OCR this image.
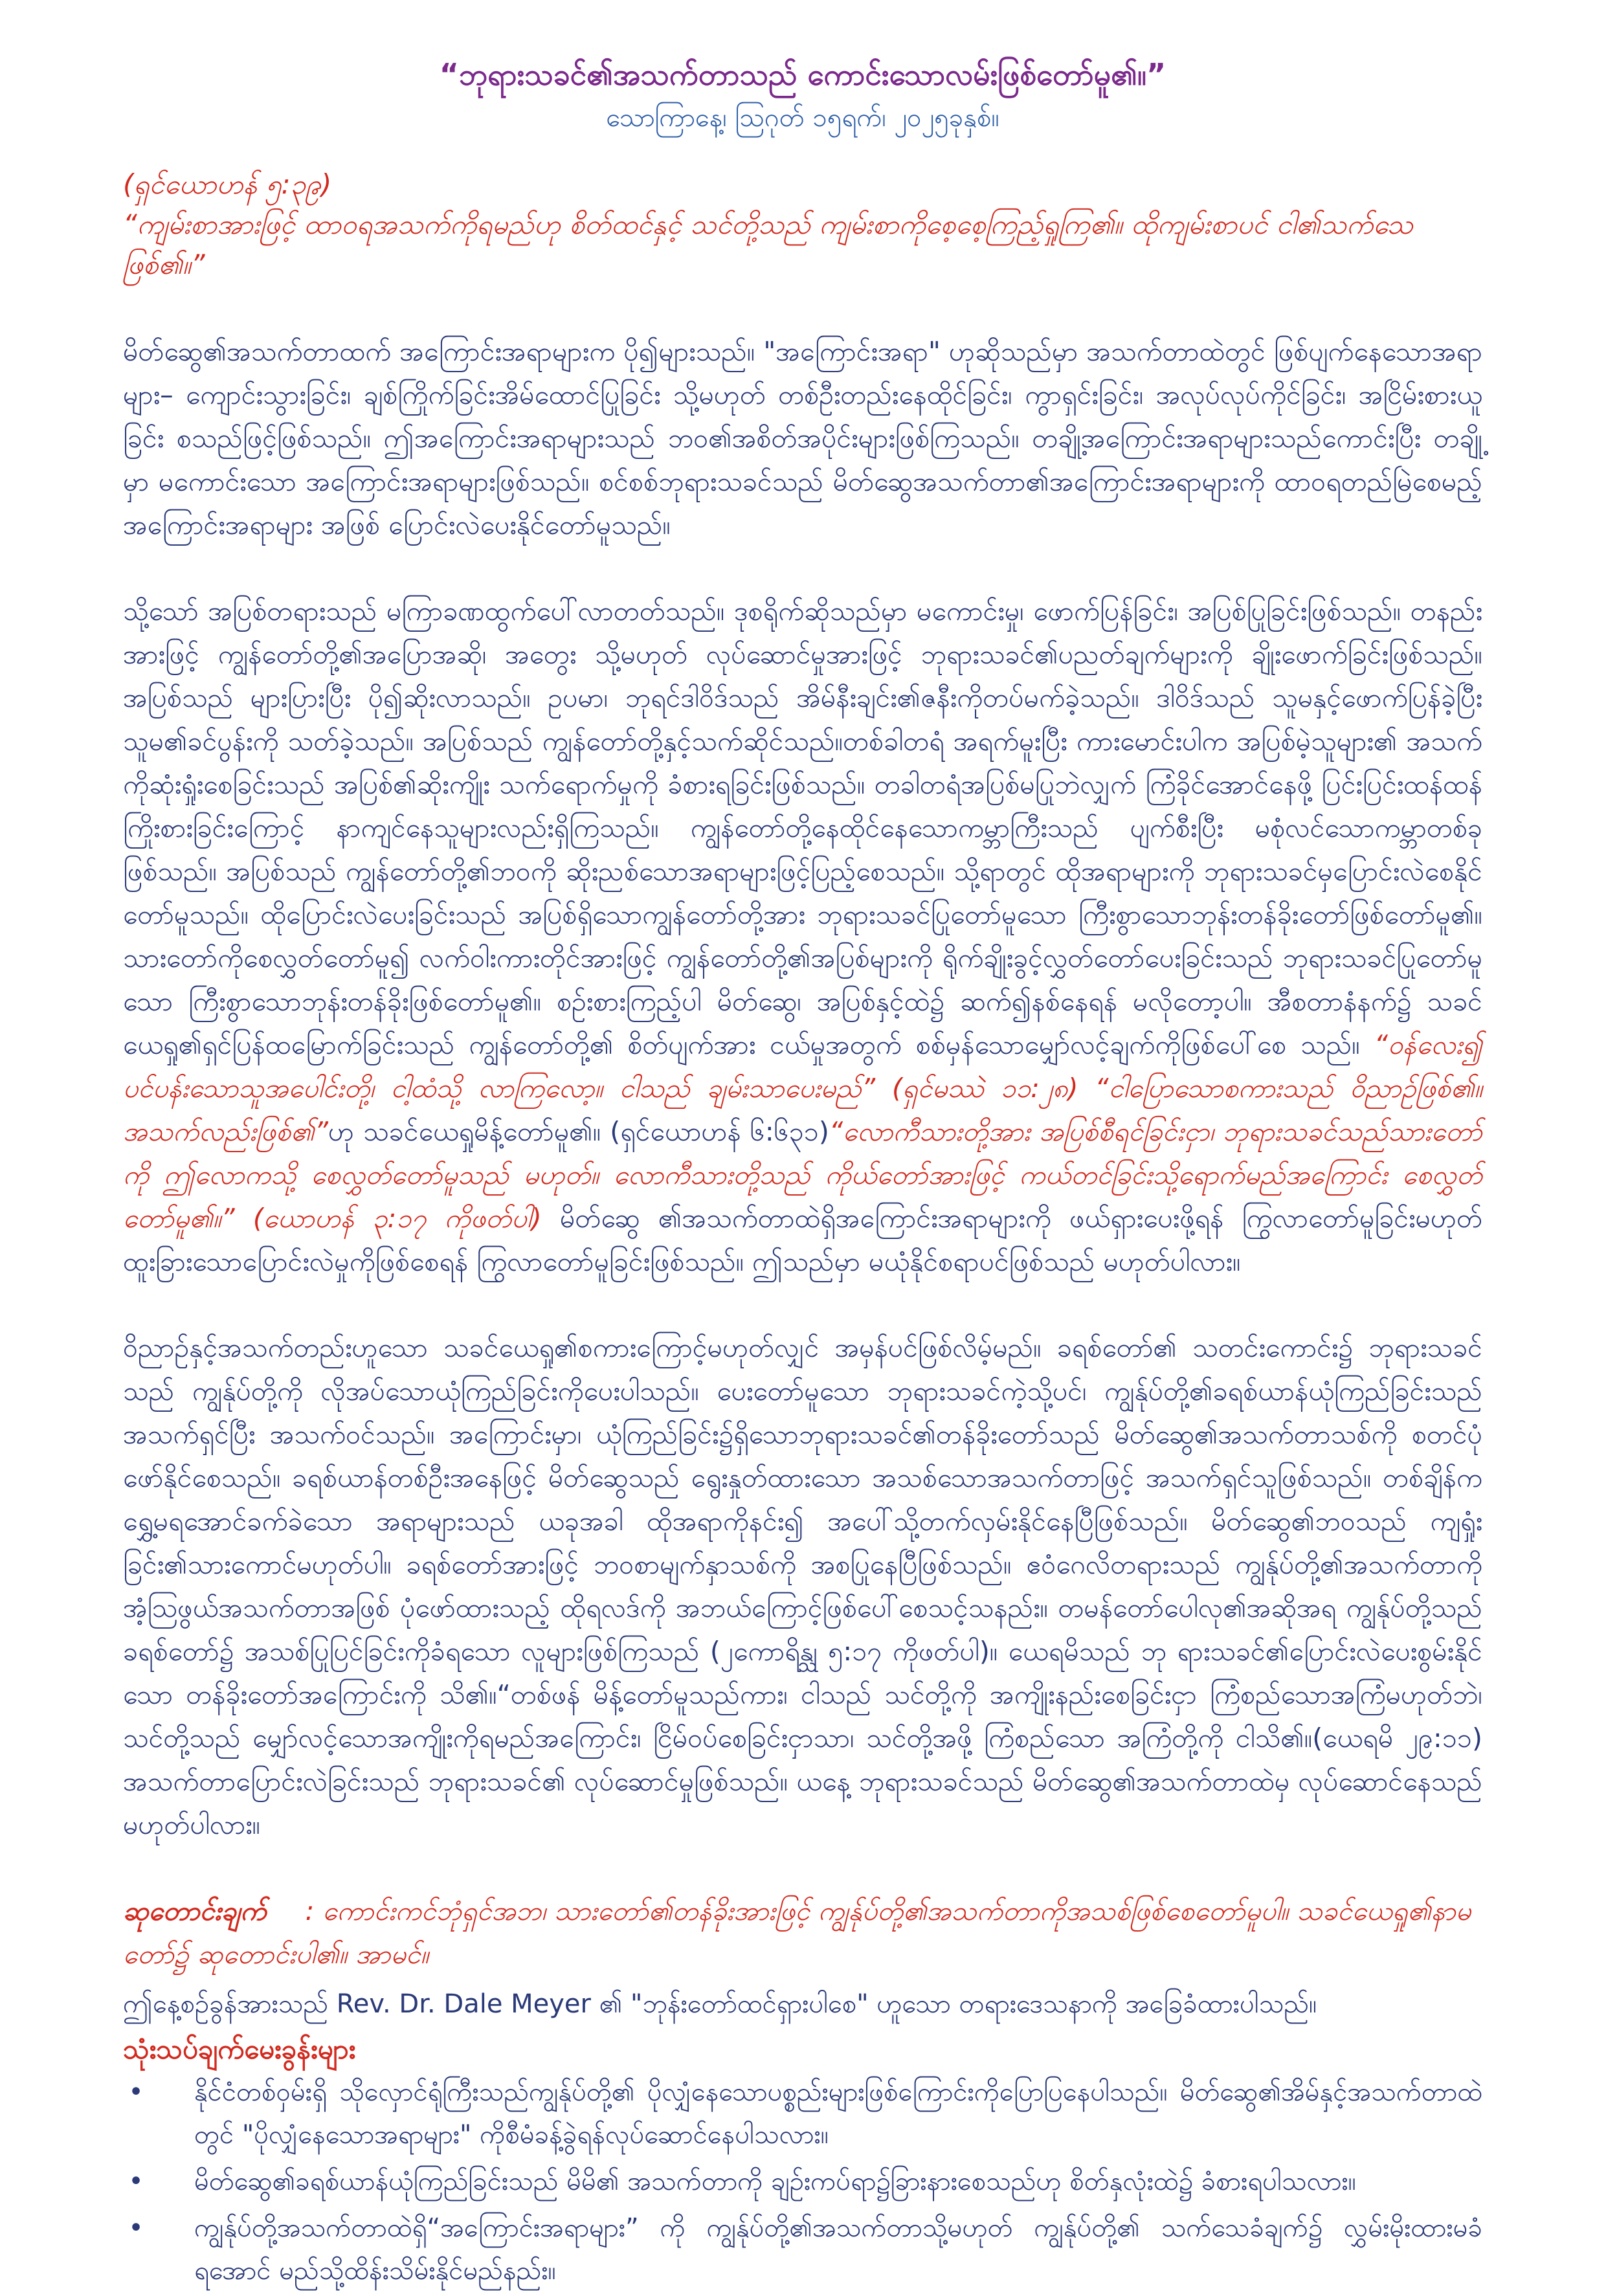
“ဘုရားသခင်၏အသက်တာသည် ကောင်းသောလမ်းဖြစ်တော်မူ၏။”
သောကြာနေ့၊ ဩဂုတ် ၁၅ရက်၊ ၂၀၂၅ခုနှစ်။
(ရှင်ယောဟန် ၅:၃၉)
“ကျမ်းစာအားဖြင့် ထာဝရအသက်ကိုရမည်ဟု စိတ်ထင်နှင့် သင်တို့သည် ကျမ်းစာကိုစေ့စေ့ကြည့်ရှုကြ၏။ ထိုကျမ်းစာပင် ငါ၏သက်သေဖြစ်၏။”

မိတ်ဆွေ၏အသက်တာထက် အကြောင်းအရာများက ပို၍များသည်။ "အကြောင်းအရာ" ဟုဆိုသည်မှာ အသက်တာထဲတွင် ဖြစ်ပျက်နေသောအရာများ– ကျောင်းသွားခြင်း၊ ချစ်ကြိုက်ခြင်းအိမ်ထောင်ပြုခြင်း သို့မဟုတ် တစ်ဦးတည်းနေထိုင်ခြင်း၊ ကွာရှင်းခြင်း၊ အလုပ်လုပ်ကိုင်ခြင်း၊ အငြိမ်းစားယူခြင်း စသည်ဖြင့်ဖြစ်သည်။ ဤအကြောင်းအရာများသည် ဘဝ၏အစိတ်အပိုင်းများဖြစ်ကြသည်။ တချို့အကြောင်းအရာများသည်ကောင်းပြီး တချို့မှာ မကောင်းသော အကြောင်းအရာများဖြစ်သည်။ စင်စစ်ဘုရားသခင်သည် မိတ်ဆွေအသက်တာ၏အကြောင်းအရာများကို ထာဝရတည်မြဲစေမည့် အကြောင်းအရာများ အဖြစ် ပြောင်းလဲပေးနိုင်တော်မူသည်။

သို့သော် အပြစ်တရားသည် မကြာခဏထွက်ပေါ်လာတတ်သည်။ ဒုစရိုက်ဆိုသည်မှာ မကောင်းမှု၊ ဖောက်ပြန်ခြင်း၊ အပြစ်ပြုခြင်းဖြစ်သည်။ တနည်းအားဖြင့် ကျွန်တော်တို့၏အပြောအဆို၊ အတွေး သို့မဟုတ် လုပ်ဆောင်မှုအားဖြင့် ဘုရားသခင်၏ပညတ်ချက်များကို ချိုးဖောက်ခြင်းဖြစ်သည်။ အပြစ်သည် များပြားပြီး ပို၍ဆိုးလာသည်။ ဥပမာ၊ ဘုရင်ဒါဝိဒ်သည် အိမ်နီးချင်း၏ဇနီးကိုတပ်မက်ခဲ့သည်။ ဒါဝိဒ်သည် သူမနှင့်ဖောက်ပြန်ခဲ့ပြီး သူမ၏ခင်ပွန်းကို သတ်ခဲ့သည်။ အပြစ်သည် ကျွန်တော်တို့နှင့်သက်ဆိုင်သည်။တစ်ခါတရံ အရက်မူးပြီး ကားမောင်းပါက အပြစ်မဲ့သူများ၏ အသက်ကိုဆုံးရှုံးစေခြင်းသည် အပြစ်၏ဆိုးကျိုး သက်ရောက်မှုကို ခံစားရခြင်းဖြစ်သည်။ တခါတရံအပြစ်မပြုဘဲလျှက် ကြံခိုင်အောင်နေဖို့ ပြင်းပြင်းထန်ထန်ကြိုးစားခြင်းကြောင့် နာကျင်နေသူများလည်းရှိကြသည်။ ကျွန်တော်တို့နေထိုင်နေသောကမ္ဘာကြီးသည် ပျက်စီးပြီး မစုံလင်သောကမ္ဘာတစ်ခုဖြစ်သည်။ အပြစ်သည် ကျွန်တော်တို့၏ဘဝကို ဆိုးညစ်သောအရာများဖြင့်ပြည့်စေသည်။ သို့ရာတွင် ထိုအရာများကို ဘုရားသခင်မှပြောင်းလဲစေနိုင်တော်မူသည်။ ထိုပြောင်းလဲပေးခြင်းသည် အပြစ်ရှိသောကျွန်တော်တို့အား ဘုရားသခင်ပြုတော်မူသော ကြီးစွာသောဘုန်းတန်ခိုးတော်ဖြစ်တော်မူ၏။ သားတော်ကိုစေလွှတ်တော်မူ၍ လက်ဝါးကားတိုင်အားဖြင့် ကျွန်တော်တို့၏အပြစ်များကို ရိုက်ချိုးခွင့်လွှတ်တော်ပေးခြင်းသည် ဘုရားသခင်ပြုတော်မူသော ကြီးစွာသောဘုန်းတန်ခိုးဖြစ်တော်မူ၏။ စဉ်းစားကြည့်ပါ မိတ်ဆွေ၊ အပြစ်နှင့်ထဲ၌ ဆက်၍နစ်နေရန် မလိုတော့ပါ။ အီစတာနံနက်၌ သခင်ယေရှု၏ရှင်ပြန်ထမြောက်ခြင်းသည် ကျွန်တော်တို့၏ စိတ်ပျက်အား ငယ်မှုအတွက် စစ်မှန်သောမျှော်လင့်ချက်ကိုဖြစ်ပေါ်စေ သည်။ “ဝန်လေး၍ ပင်ပန်းသောသူအပေါင်းတို့၊ ငါ့ထံသို့ လာကြလော့။ ငါသည် ချမ်းသာပေးမည်” (ရှင်မဿဲ ၁၁:၂၈) “ငါပြောသောစကားသည် ဝိညာဉ်ဖြစ်၏။ အသက်လည်းဖြစ်၏”ဟု သခင်ယေရှုမိန့်တော်မူ၏။ (ရှင်ယောဟန် ၆:၆၃၁)“လောကီသားတို့အား အပြစ်စီရင်ခြင်းငှာ၊ ဘုရားသခင်သည်သားတော်ကို ဤလောကသို့ စေလွှတ်တော်မူသည် မဟုတ်။ လောကီသားတို့သည် ကိုယ်တော်အားဖြင့် ကယ်တင်ခြင်းသို့ရောက်မည်အကြောင်း စေလွှတ်တော်မူ၏။” (ယောဟန် ၃:၁၇ ကိုဖတ်ပါ) မိတ်ဆွေ ၏အသက်တာထဲရှိအကြောင်းအရာများကို ဖယ်ရှားပေးဖို့ရန် ကြွလာတော်မူခြင်းမဟုတ် ထူးခြားသောပြောင်းလဲမှုကိုဖြစ်စေရန် ကြွလာတော်မူခြင်းဖြစ်သည်။ ဤသည်မှာ မယုံနိုင်စရာပင်ဖြစ်သည် မဟုတ်ပါလား။

ဝိညာဉ်နှင့်အသက်တည်းဟူသော သခင်ယေရှု၏စကားကြောင့်မဟုတ်လျှင် အမှန်ပင်ဖြစ်လိမ့်မည်။ ခရစ်တော်၏ သတင်းကောင်း၌ ဘုရားသခင်သည် ကျွန်ုပ်တို့ကို လိုအပ်သောယုံကြည်ခြင်းကိုပေးပါသည်။ ပေးတော်မူသော ဘုရားသခင်ကဲ့သို့ပင်၊ ကျွန်ုပ်တို့၏ခရစ်ယာန်ယုံကြည်ခြင်းသည် အသက်ရှင်ပြီး အသက်ဝင်သည်။ အကြောင်းမှာ၊ ယုံကြည်ခြင်း၌ရှိသောဘုရားသခင်၏တန်ခိုးတော်သည် မိတ်ဆွေ၏အသက်တာသစ်ကို စတင်ပုံဖော်နိုင်စေသည်။ ခရစ်ယာန်တစ်ဦးအနေဖြင့် မိတ်ဆွေသည် ရွေးနှုတ်ထားသော အသစ်သောအသက်တာဖြင့် အသက်ရှင်သူဖြစ်သည်။ တစ်ချိန်က ရွှေ့မရအောင်ခက်ခဲသော အရာများသည် ယခုအခါ ထိုအရာကိုနင်း၍ အပေါ်သို့တက်လှမ်းနိုင်နေပြီဖြစ်သည်။ မိတ်ဆွေ၏ဘဝသည် ကျရှုံးခြင်း၏သားကောင်မဟုတ်ပါ။ ခရစ်တော်အားဖြင့် ဘဝစာမျက်နှာသစ်ကို အစပြုနေပြီဖြစ်သည်။ ဧဝံဂေလိတရားသည် ကျွန်ုပ်တို့၏အသက်တာကို အံ့ဩဖွယ်အသက်တာအဖြစ် ပုံဖော်ထားသည့် ထိုရလဒ်ကို အဘယ်ကြောင့်ဖြစ်ပေါ်စေသင့်သနည်း။ တမန်တော်ပေါလု၏အဆိုအရ ကျွန်ုပ်တို့သည် ခရစ်တော်၌ အသစ်ပြုပြင်ခြင်းကိုခံရသော လူများဖြစ်ကြသည် (၂ကောရိန္သု ၅:၁၇ ကိုဖတ်ပါ)။ ယေရမိသည် ဘု ရားသခင်၏ပြောင်းလဲပေးစွမ်းနိုင်သော တန်ခိုးတော်အကြောင်းကို သိ၏။“တစ်ဖန် မိန့်တော်မူသည်ကား၊ ငါသည် သင်တို့ကို အကျိုးနည်းစေခြင်းငှာ ကြံစည်သောအကြံမဟုတ်ဘဲ၊ သင်တို့သည် မျှော်လင့်သောအကျိုးကိုရမည်အကြောင်း၊ ငြိမ်ဝပ်စေခြင်းငှာသာ၊ သင်တို့အဖို့ ကြံစည်သော အကြံတို့ကို ငါသိ၏။(ယေရမိ ၂၉:၁၁) အသက်တာပြောင်းလဲခြင်းသည် ဘုရားသခင်၏ လုပ်ဆောင်မှုဖြစ်သည်။ ယနေ့ ဘုရားသခင်သည် မိတ်ဆွေ၏အသက်တာထဲမှ လုပ်ဆောင်နေသည်မဟုတ်ပါလား။

ဆုတောင်းချက် : ကောင်းကင်ဘုံရှင်အဘ၊ သားတော်၏တန်ခိုးအားဖြင့် ကျွန်ုပ်တို့၏အသက်တာကိုအသစ်ဖြစ်စေတော်မူပါ။ သခင်ယေရှု၏နာမတော်၌ ဆုတောင်းပါ၏။ အာမင်။

ဤနေ့စဉ်ခွန်အားသည် Rev. Dr. Dale Meyer ၏ "ဘုန်းတော်ထင်ရှားပါစေ" ဟူသော တရားဒေသနာကို အခြေခံထားပါသည်။
သုံးသပ်ချက်မေးခွန်းများ
• နိုင်ငံတစ်ဝှမ်းရှိ သိုလှောင်ရုံကြီးသည်ကျွန်ုပ်တို့၏ ပိုလျှံနေသောပစ္စည်းများဖြစ်ကြောင်းကိုပြောပြနေပါသည်။ မိတ်ဆွေ၏အိမ်နှင့်အသက်တာထဲတွင် "ပိုလျှံနေသောအရာများ" ကိုစီမံခန့်ခွဲရန်လုပ်ဆောင်နေပါသလား။
• မိတ်ဆွေ၏ခရစ်ယာန်ယုံကြည်ခြင်းသည် မိမိ၏ အသက်တာကို ချဉ်းကပ်ရာ၌ခြားနားစေသည်ဟု စိတ်နှလုံးထဲ၌ ခံစားရပါသလား။
• ကျွန်ုပ်တို့အသက်တာထဲရှိ“အကြောင်းအရာများ” ကို ကျွန်ုပ်တို့၏အသက်တာသို့မဟုတ် ကျွန်ုပ်တို့၏ သက်သေခံချက်၌ လွှမ်းမိုးထားမခံရအောင် မည်သို့ထိန်းသိမ်းနိုင်မည်နည်း။
